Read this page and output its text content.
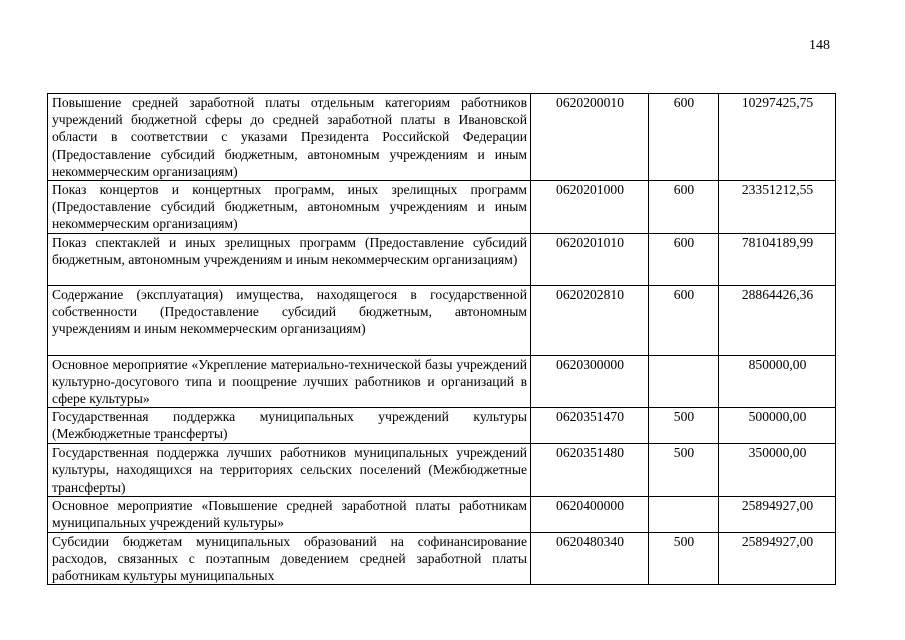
148
Повышение средней заработной платы отдельным категориям работников учреждений бюджетной сферы до средней заработной платы в Ивановской области в соответствии с указами Президента Российской Федерации (Предоставление субсидий бюджетным, автономным учреждениям и иным некоммерческим организациям)	0620200010	600	10297425,75
Показ концертов и концертных программ, иных зрелищных программ (Предоставление субсидий бюджетным, автономным учреждениям и иным некоммерческим организациям)	0620201000	600	23351212,55
Показ спектаклей и иных зрелищных программ (Предоставление субсидий бюджетным, автономным учреждениям и иным некоммерческим организациям)	0620201010	600	78104189,99
Содержание (эксплуатация) имущества, находящегося в государственной собственности (Предоставление субсидий бюджетным, автономным учреждениям и иным некоммерческим организациям)	0620202810	600	28864426,36
Основное мероприятие «Укрепление материально-технической базы учреждений культурно-досугового типа и поощрение лучших работников и организаций в сфере культуры»	0620300000		850000,00
Государственная поддержка муниципальных учреждений культуры (Межбюджетные трансферты)	0620351470	500	500000,00
Государственная поддержка лучших работников муниципальных учреждений культуры, находящихся на территориях сельских поселений (Межбюджетные трансферты)	0620351480	500	350000,00
Основное мероприятие «Повышение средней заработной платы работникам муниципальных учреждений культуры»	0620400000		25894927,00
Субсидии бюджетам муниципальных образований на софинансирование расходов, связанных с поэтапным доведением средней заработной платы работникам культуры муниципальных	0620480340	500	25894927,00
